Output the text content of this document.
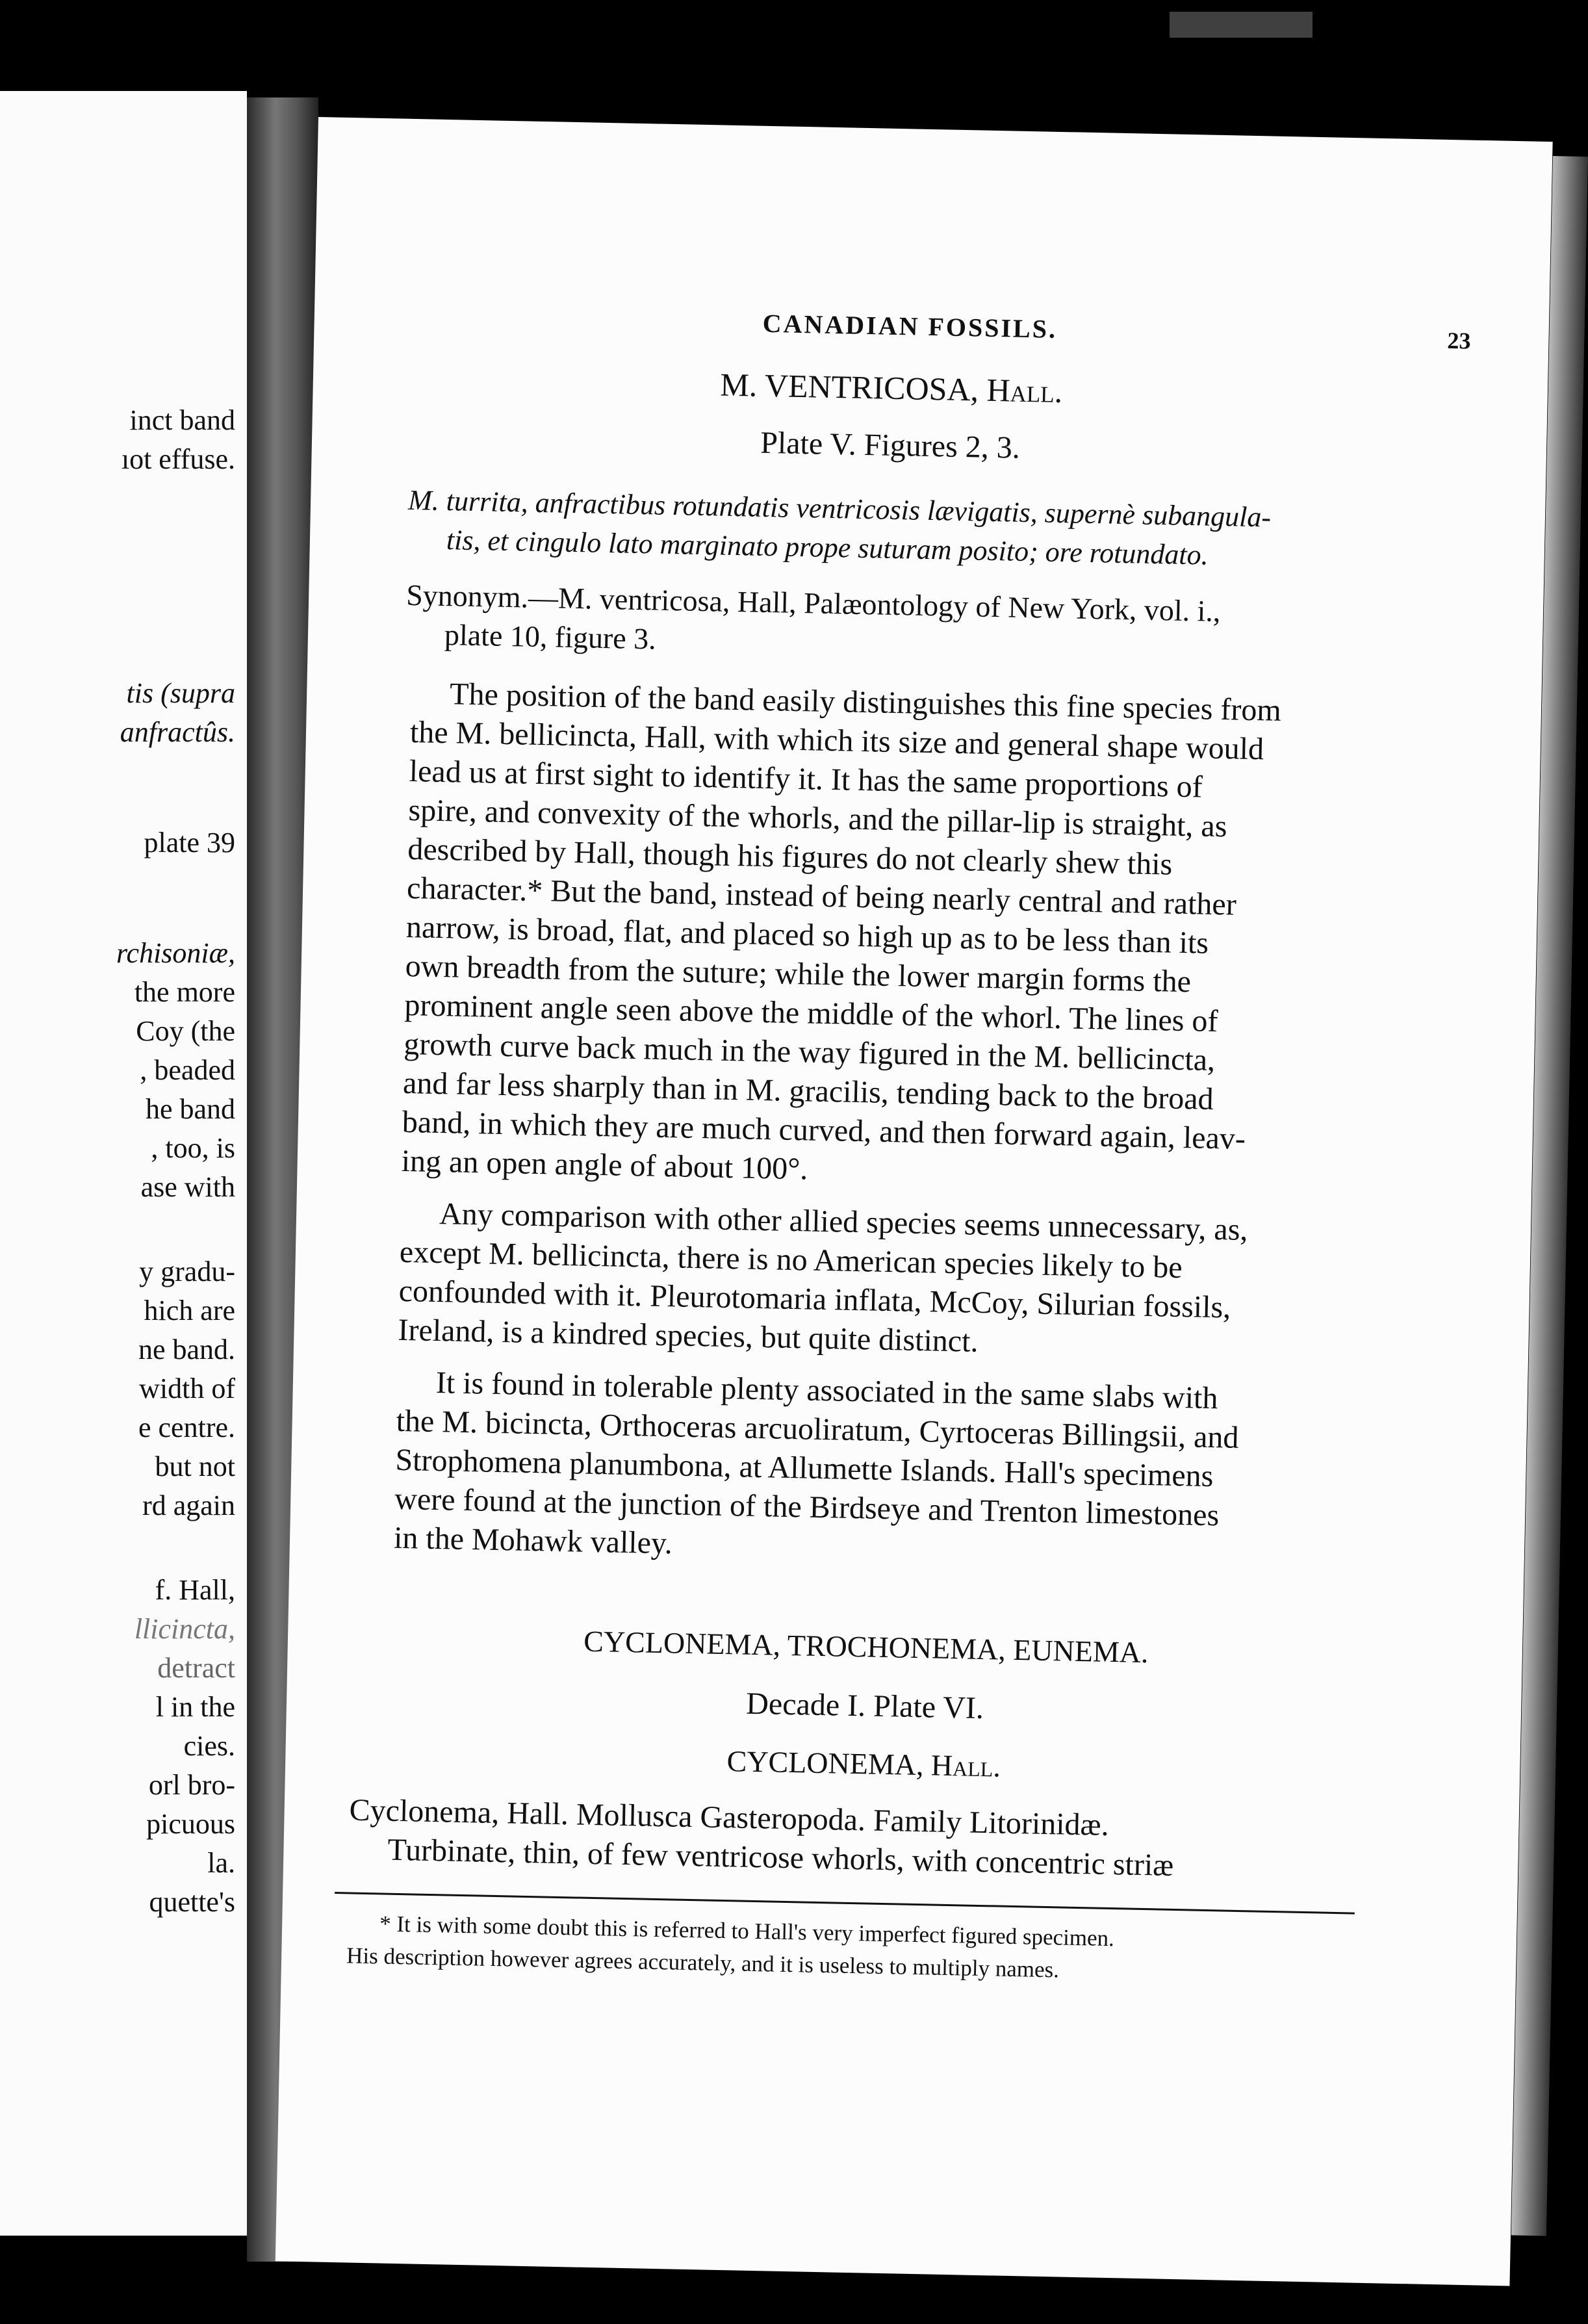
inct band
ıot effuse.
tis (supra
anfractûs.
plate 39
rchisoniæ,
the more
Coy (the
, beaded
he band
, too, is
ase with
y gradu-
hich are
ne band.
width of
e centre.
but not
rd again
f. Hall,
llicincta,
detract
l in the
cies.
orl bro-
picuous
la.
quette's
CANADIAN FOSSILS.	23
M. VENTRICOSA, Hall.
Plate V. Figures 2, 3.
M. turrita, anfractibus rotundatis ventricosis lævigatis, supernè subangula-
tis, et cingulo lato marginato prope suturam posito; ore rotundato.
Synonym.—M. ventricosa, Hall, Palæontology of New York, vol. i.,
plate 10, figure 3.
The position of the band easily distinguishes this fine species from
the M. bellicincta, Hall, with which its size and general shape would
lead us at first sight to identify it. It has the same proportions of
spire, and convexity of the whorls, and the pillar-lip is straight, as
described by Hall, though his figures do not clearly shew this
character.* But the band, instead of being nearly central and rather
narrow, is broad, flat, and placed so high up as to be less than its
own breadth from the suture; while the lower margin forms the
prominent angle seen above the middle of the whorl. The lines of
growth curve back much in the way figured in the M. bellicincta,
and far less sharply than in M. gracilis, tending back to the broad
band, in which they are much curved, and then forward again, leav-
ing an open angle of about 100°.
Any comparison with other allied species seems unnecessary, as,
except M. bellicincta, there is no American species likely to be
confounded with it. Pleurotomaria inflata, McCoy, Silurian fossils,
Ireland, is a kindred species, but quite distinct.
It is found in tolerable plenty associated in the same slabs with
the M. bicincta, Orthoceras arcuoliratum, Cyrtoceras Billingsii, and
Strophomena planumbona, at Allumette Islands. Hall's specimens
were found at the junction of the Birdseye and Trenton limestones
in the Mohawk valley.
CYCLONEMA, TROCHONEMA, EUNEMA.
Decade I. Plate VI.
CYCLONEMA, Hall.
Cyclonema, Hall. Mollusca Gasteropoda. Family Litorinidæ.
Turbinate, thin, of few ventricose whorls, with concentric striæ
* It is with some doubt this is referred to Hall's very imperfect figured specimen.
His description however agrees accurately, and it is useless to multiply names.
